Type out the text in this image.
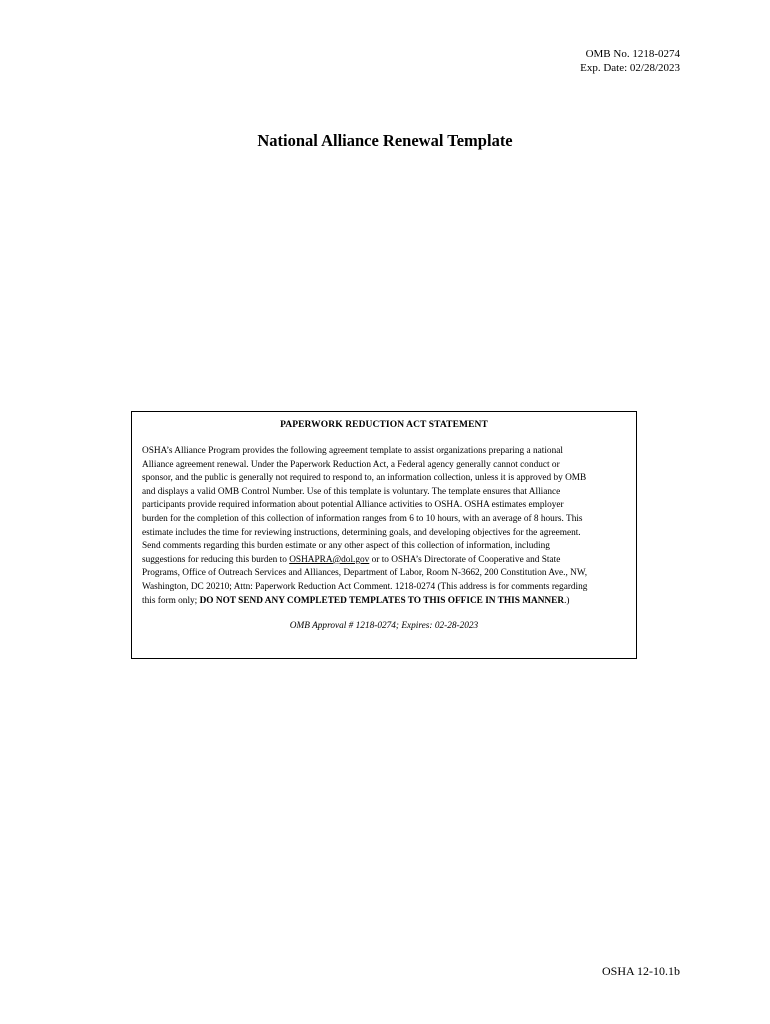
OMB No. 1218-0274
Exp. Date: 02/28/2023
National Alliance Renewal Template
PAPERWORK REDUCTION ACT STATEMENT
OSHA’s Alliance Program provides the following agreement template to assist organizations preparing a national
Alliance agreement renewal. Under the Paperwork Reduction Act, a Federal agency generally cannot conduct or
sponsor, and the public is generally not required to respond to, an information collection, unless it is approved by OMB
and displays a valid OMB Control Number. Use of this template is voluntary. The template ensures that Alliance
participants provide required information about potential Alliance activities to OSHA. OSHA estimates employer
burden for the completion of this collection of information ranges from 6 to 10 hours, with an average of 8 hours. This
estimate includes the time for reviewing instructions, determining goals, and developing objectives for the agreement.
Send comments regarding this burden estimate or any other aspect of this collection of information, including
suggestions for reducing this burden to OSHAPRA@dol.gov or to OSHA’s Directorate of Cooperative and State
Programs, Office of Outreach Services and Alliances, Department of Labor, Room N-3662, 200 Constitution Ave., NW,
Washington, DC 20210; Attn: Paperwork Reduction Act Comment. 1218-0274 (This address is for comments regarding
this form only; DO NOT SEND ANY COMPLETED TEMPLATES TO THIS OFFICE IN THIS MANNER.)
OMB Approval # 1218-0274; Expires: 02-28-2023
OSHA 12-10.1b
